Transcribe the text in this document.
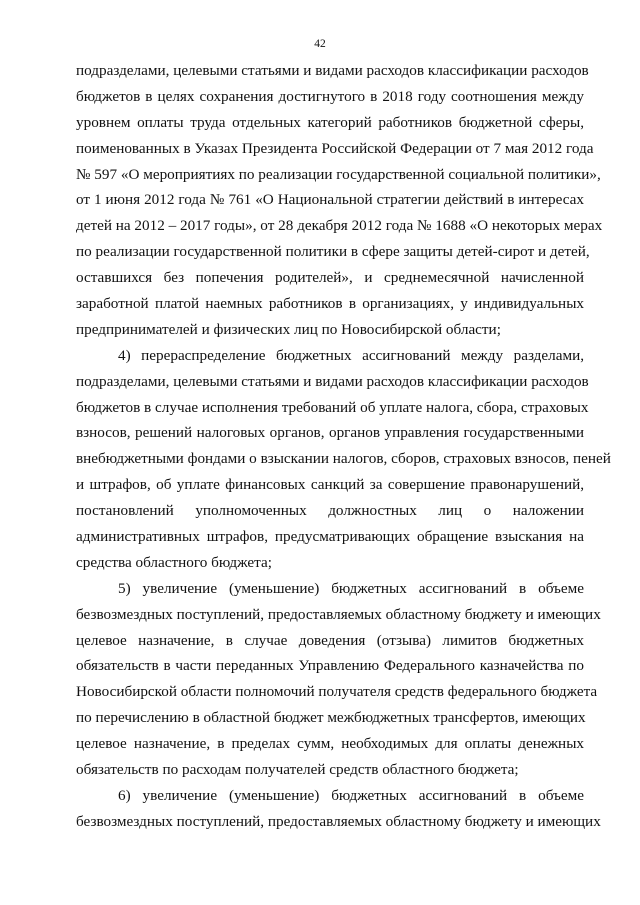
42
подразделами, целевыми статьями и видами расходов классификации расходов
бюджетов в целях сохранения достигнутого в 2018 году соотношения между
уровнем оплаты труда отдельных категорий работников бюджетной сферы,
поименованных в Указах Президента Российской Федерации от 7 мая 2012 года
№ 597 «О мероприятиях по реализации государственной социальной политики»,
от 1 июня 2012 года № 761 «О Национальной стратегии действий в интересах
детей на 2012 – 2017 годы», от 28 декабря 2012 года № 1688 «О некоторых мерах
по реализации государственной политики в сфере защиты детей-сирот и детей,
оставшихся без попечения родителей», и среднемесячной начисленной
заработной платой наемных работников в организациях, у индивидуальных
предпринимателей и физических лиц по Новосибирской области;
4) перераспределение бюджетных ассигнований между разделами,
подразделами, целевыми статьями и видами расходов классификации расходов
бюджетов в случае исполнения требований об уплате налога, сбора, страховых
взносов, решений налоговых органов, органов управления государственными
внебюджетными фондами о взыскании налогов, сборов, страховых взносов, пеней
и штрафов, об уплате финансовых санкций за совершение правонарушений,
постановлений уполномоченных должностных лиц о наложении
административных штрафов, предусматривающих обращение взыскания на
средства областного бюджета;
5) увеличение (уменьшение) бюджетных ассигнований в объеме
безвозмездных поступлений, предоставляемых областному бюджету и имеющих
целевое назначение, в случае доведения (отзыва) лимитов бюджетных
обязательств в части переданных Управлению Федерального казначейства по
Новосибирской области полномочий получателя средств федерального бюджета
по перечислению в областной бюджет межбюджетных трансфертов, имеющих
целевое назначение, в пределах сумм, необходимых для оплаты денежных
обязательств по расходам получателей средств областного бюджета;
6) увеличение (уменьшение) бюджетных ассигнований в объеме
безвозмездных поступлений, предоставляемых областному бюджету и имеющих
